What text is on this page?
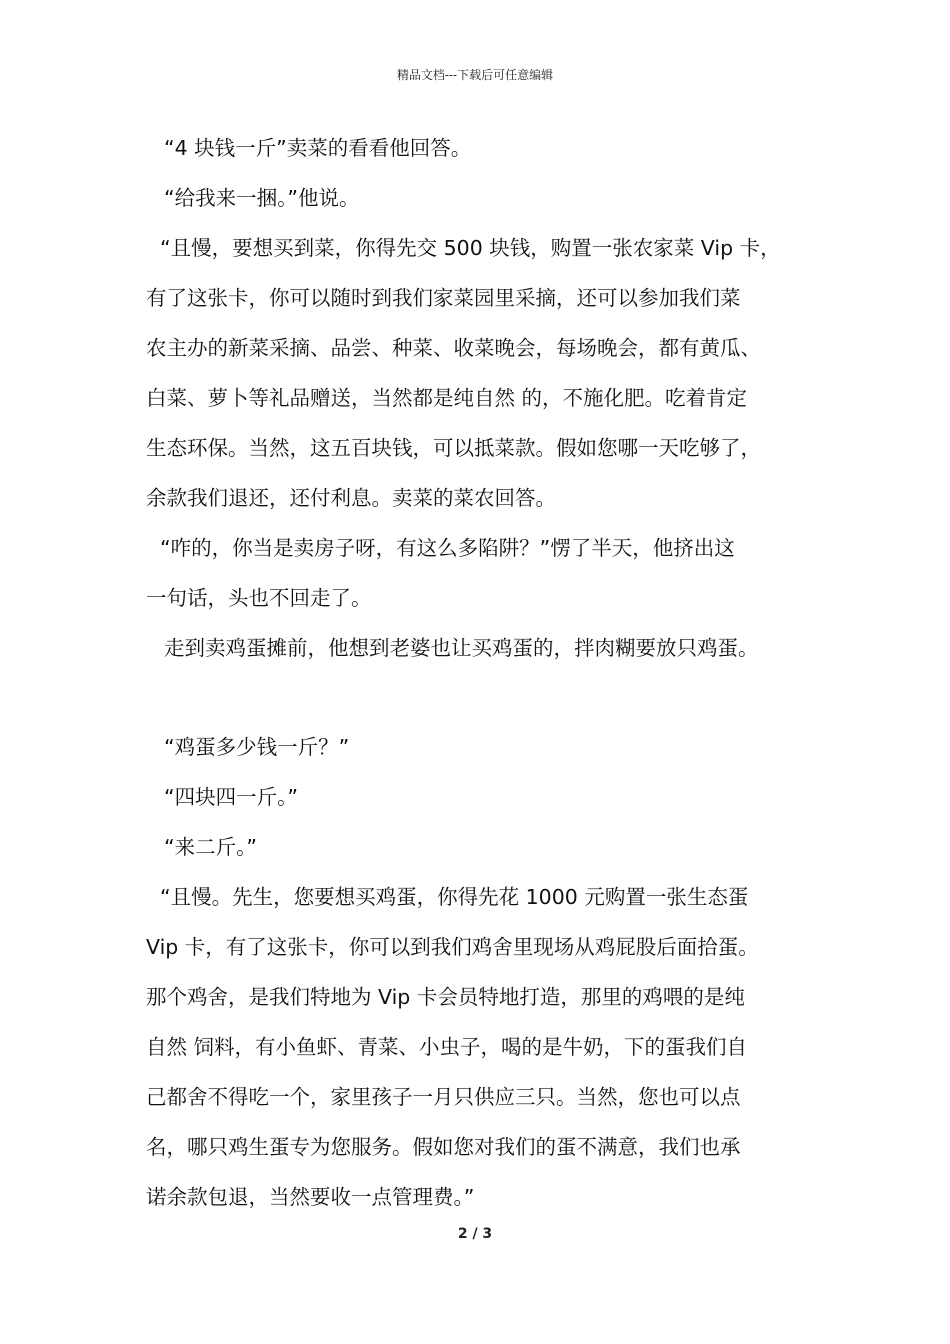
精品文档---下载后可任意编辑
“4 块钱一斤”卖菜的看看他回答。
“给我来一捆。”他说。
“且慢，要想买到菜，你得先交 500 块钱，购置一张农家菜 Vip 卡，
有了这张卡，你可以随时到我们家菜园里采摘，还可以参加我们菜
农主办的新菜采摘、品尝、种菜、收菜晚会，每场晚会，都有黄瓜、
白菜、萝卜等礼品赠送，当然都是纯自然 的，不施化肥。吃着肯定
生态环保。当然，这五百块钱，可以抵菜款。假如您哪一天吃够了，
余款我们退还，还付利息。卖菜的菜农回答。
“咋的，你当是卖房子呀，有这么多陷阱？”愣了半天，他挤出这
一句话，头也不回走了。
走到卖鸡蛋摊前，他想到老婆也让买鸡蛋的，拌肉糊要放只鸡蛋。
“鸡蛋多少钱一斤？”
“四块四一斤。”
“来二斤。”
“且慢。先生，您要想买鸡蛋，你得先花 1000 元购置一张生态蛋
Vip 卡，有了这张卡，你可以到我们鸡舍里现场从鸡屁股后面拾蛋。
那个鸡舍，是我们特地为 Vip 卡会员特地打造，那里的鸡喂的是纯
自然 饲料，有小鱼虾、青菜、小虫子，喝的是牛奶，下的蛋我们自
己都舍不得吃一个，家里孩子一月只供应三只。当然，您也可以点
名，哪只鸡生蛋专为您服务。假如您对我们的蛋不满意，我们也承
诺余款包退，当然要收一点管理费。”
2 / 3
